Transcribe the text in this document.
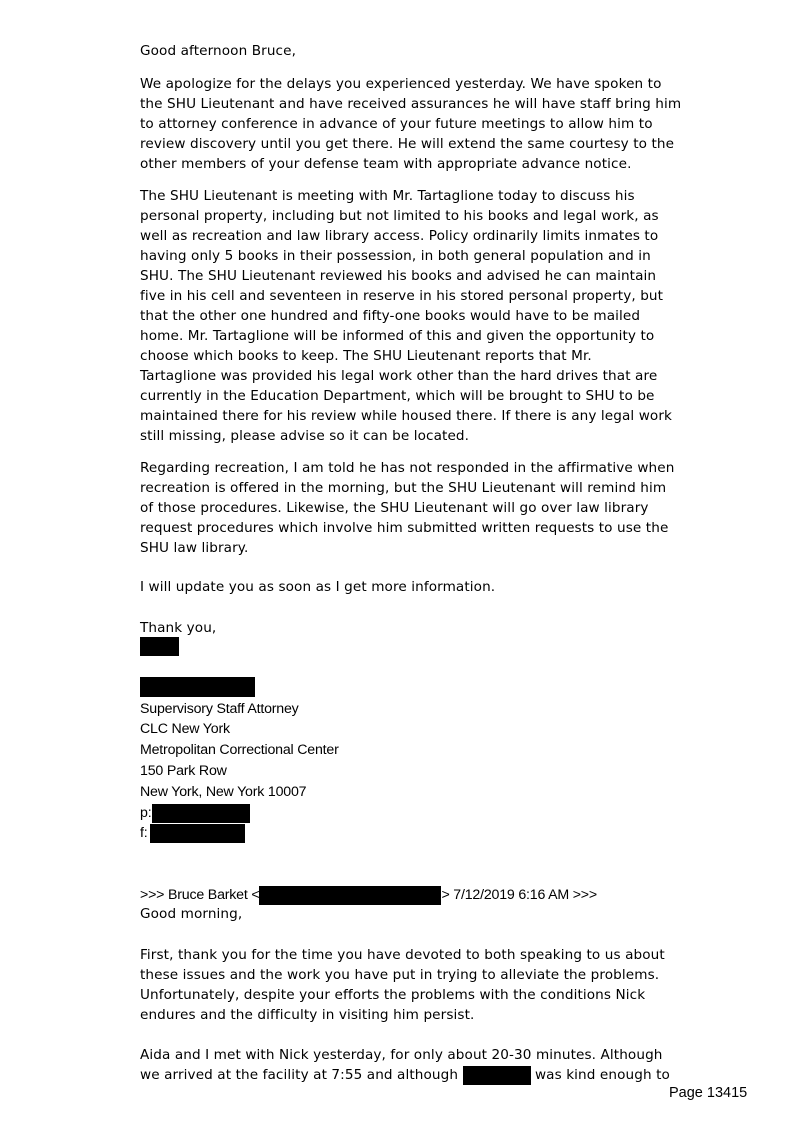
Good afternoon Bruce,
We apologize for the delays you experienced yesterday. We have spoken to
the SHU Lieutenant and have received assurances he will have staff bring him
to attorney conference in advance of your future meetings to allow him to
review discovery until you get there. He will extend the same courtesy to the
other members of your defense team with appropriate advance notice.
The SHU Lieutenant is meeting with Mr. Tartaglione today to discuss his
personal property, including but not limited to his books and legal work, as
well as recreation and law library access. Policy ordinarily limits inmates to
having only 5 books in their possession, in both general population and in
SHU. The SHU Lieutenant reviewed his books and advised he can maintain
five in his cell and seventeen in reserve in his stored personal property, but
that the other one hundred and fifty-one books would have to be mailed
home. Mr. Tartaglione will be informed of this and given the opportunity to
choose which books to keep. The SHU Lieutenant reports that Mr.
Tartaglione was provided his legal work other than the hard drives that are
currently in the Education Department, which will be brought to SHU to be
maintained there for his review while housed there. If there is any legal work
still missing, please advise so it can be located.
Regarding recreation, I am told he has not responded in the affirmative when
recreation is offered in the morning, but the SHU Lieutenant will remind him
of those procedures. Likewise, the SHU Lieutenant will go over law library
request procedures which involve him submitted written requests to use the
SHU law library.
I will update you as soon as I get more information.
Thank you,
Supervisory Staff Attorney
CLC New York
Metropolitan Correctional Center
150 Park Row
New York, New York 10007
p:
f:
>>> Bruce Barket <	> 7/12/2019 6:16 AM >>>
Good morning,
First, thank you for the time you have devoted to both speaking to us about
these issues and the work you have put in trying to alleviate the problems.
Unfortunately, despite your efforts the problems with the conditions Nick
endures and the difficulty in visiting him persist.
Aida and I met with Nick yesterday, for only about 20-30 minutes. Although
we arrived at the facility at 7:55 and although	was kind enough to
Page 13415
